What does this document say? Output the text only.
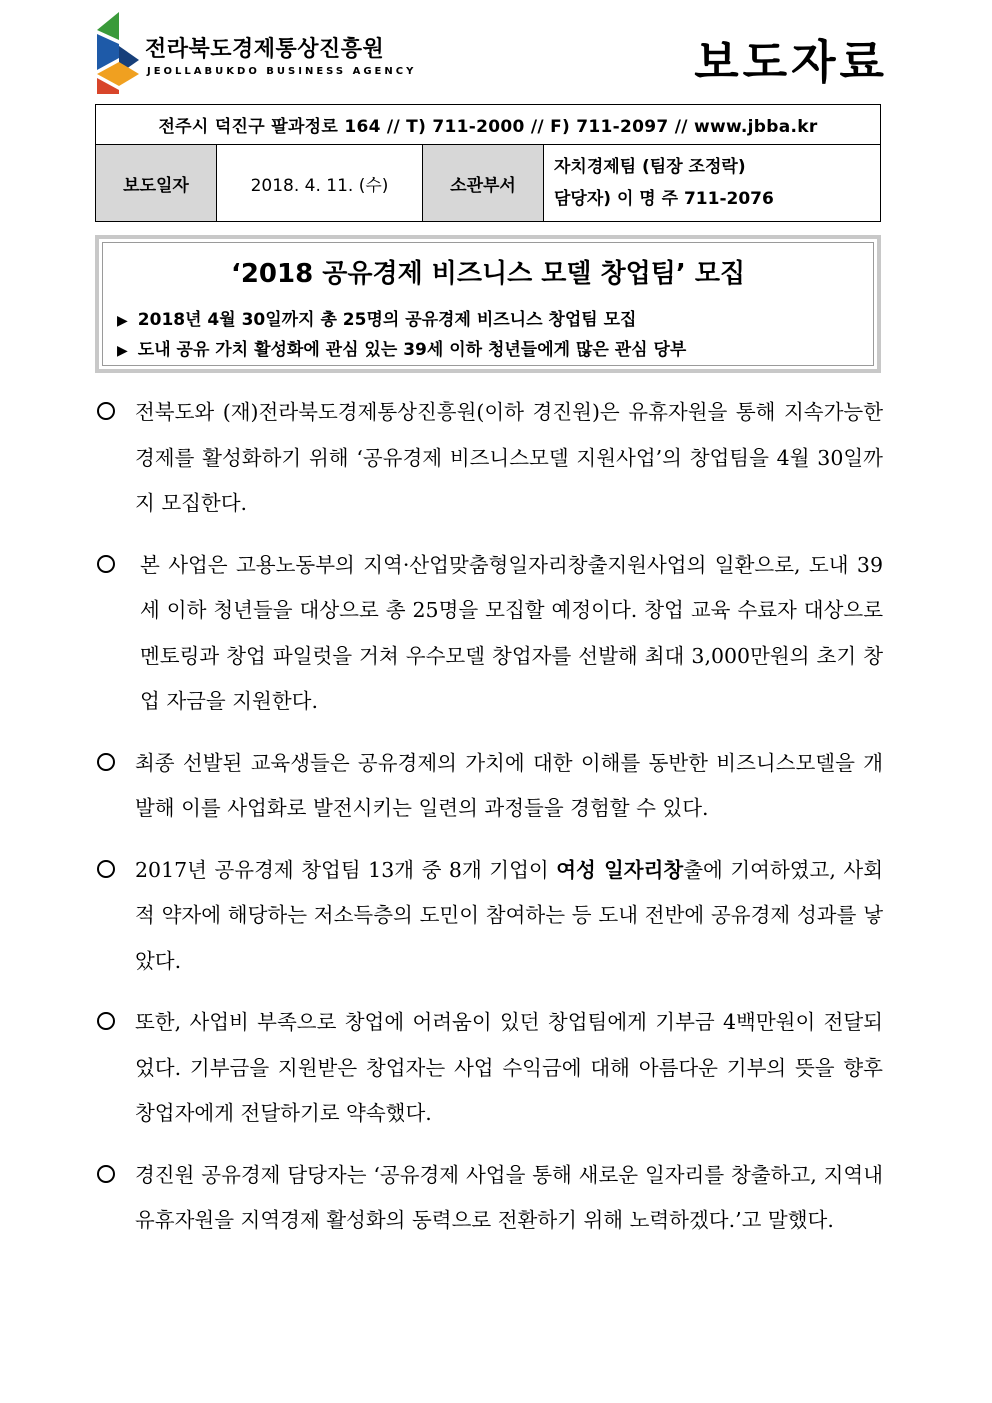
전라북도경제통상진흥원
JEOLLABUKDO BUSINESS AGENCY	보도자료
전주시 덕진구 팔과정로 164 // T) 711-2000 // F) 711-2097 // www.jbba.kr
보도일자	2018. 4. 11. (수)	소관부서	
자치경제팀 (팀장 조정락)
담당자) 이 명 주 711-2076
‘2018 공유경제 비즈니스 모델 창업팀’ 모집
▶ 2018년 4월 30일까지 총 25명의 공유경제 비즈니스 창업팀 모집
▶ 도내 공유 가치 활성화에 관심 있는 39세 이하 청년들에게 많은 관심 당부
전북도와 (재)전라북도경제통상진흥원(이하 경진원)은 유휴자원을 통해 지속가능한 경제를 활성화하기 위해 ‘공유경제 비즈니스모델 지원사업’의 창업팀을 4월 30일까지 모집한다.
본 사업은 고용노동부의 지역·산업맞춤형일자리창출지원사업의 일환으로, 도내 39세 이하 청년들을 대상으로 총 25명을 모집할 예정이다. 창업 교육 수료자 대상으로 멘토링과 창업 파일럿을 거쳐 우수모델 창업자를 선발해 최대 3,000만원의 초기 창업 자금을 지원한다.
최종 선발된 교육생들은 공유경제의 가치에 대한 이해를 동반한 비즈니스모델을 개발해 이를 사업화로 발전시키는 일련의 과정들을 경험할 수 있다.
2017년 공유경제 창업팀 13개 중 8개 기업이 여성 일자리창출에 기여하였고, 사회적 약자에 해당하는 저소득층의 도민이 참여하는 등 도내 전반에 공유경제 성과를 낳았다.
또한, 사업비 부족으로 창업에 어려움이 있던 창업팀에게 기부금 4백만원이 전달되었다. 기부금을 지원받은 창업자는 사업 수익금에 대해 아름다운 기부의 뜻을 향후 창업자에게 전달하기로 약속했다.
경진원 공유경제 담당자는 ‘공유경제 사업을 통해 새로운 일자리를 창출하고, 지역내 유휴자원을 지역경제 활성화의 동력으로 전환하기 위해 노력하겠다.’고 말했다.
